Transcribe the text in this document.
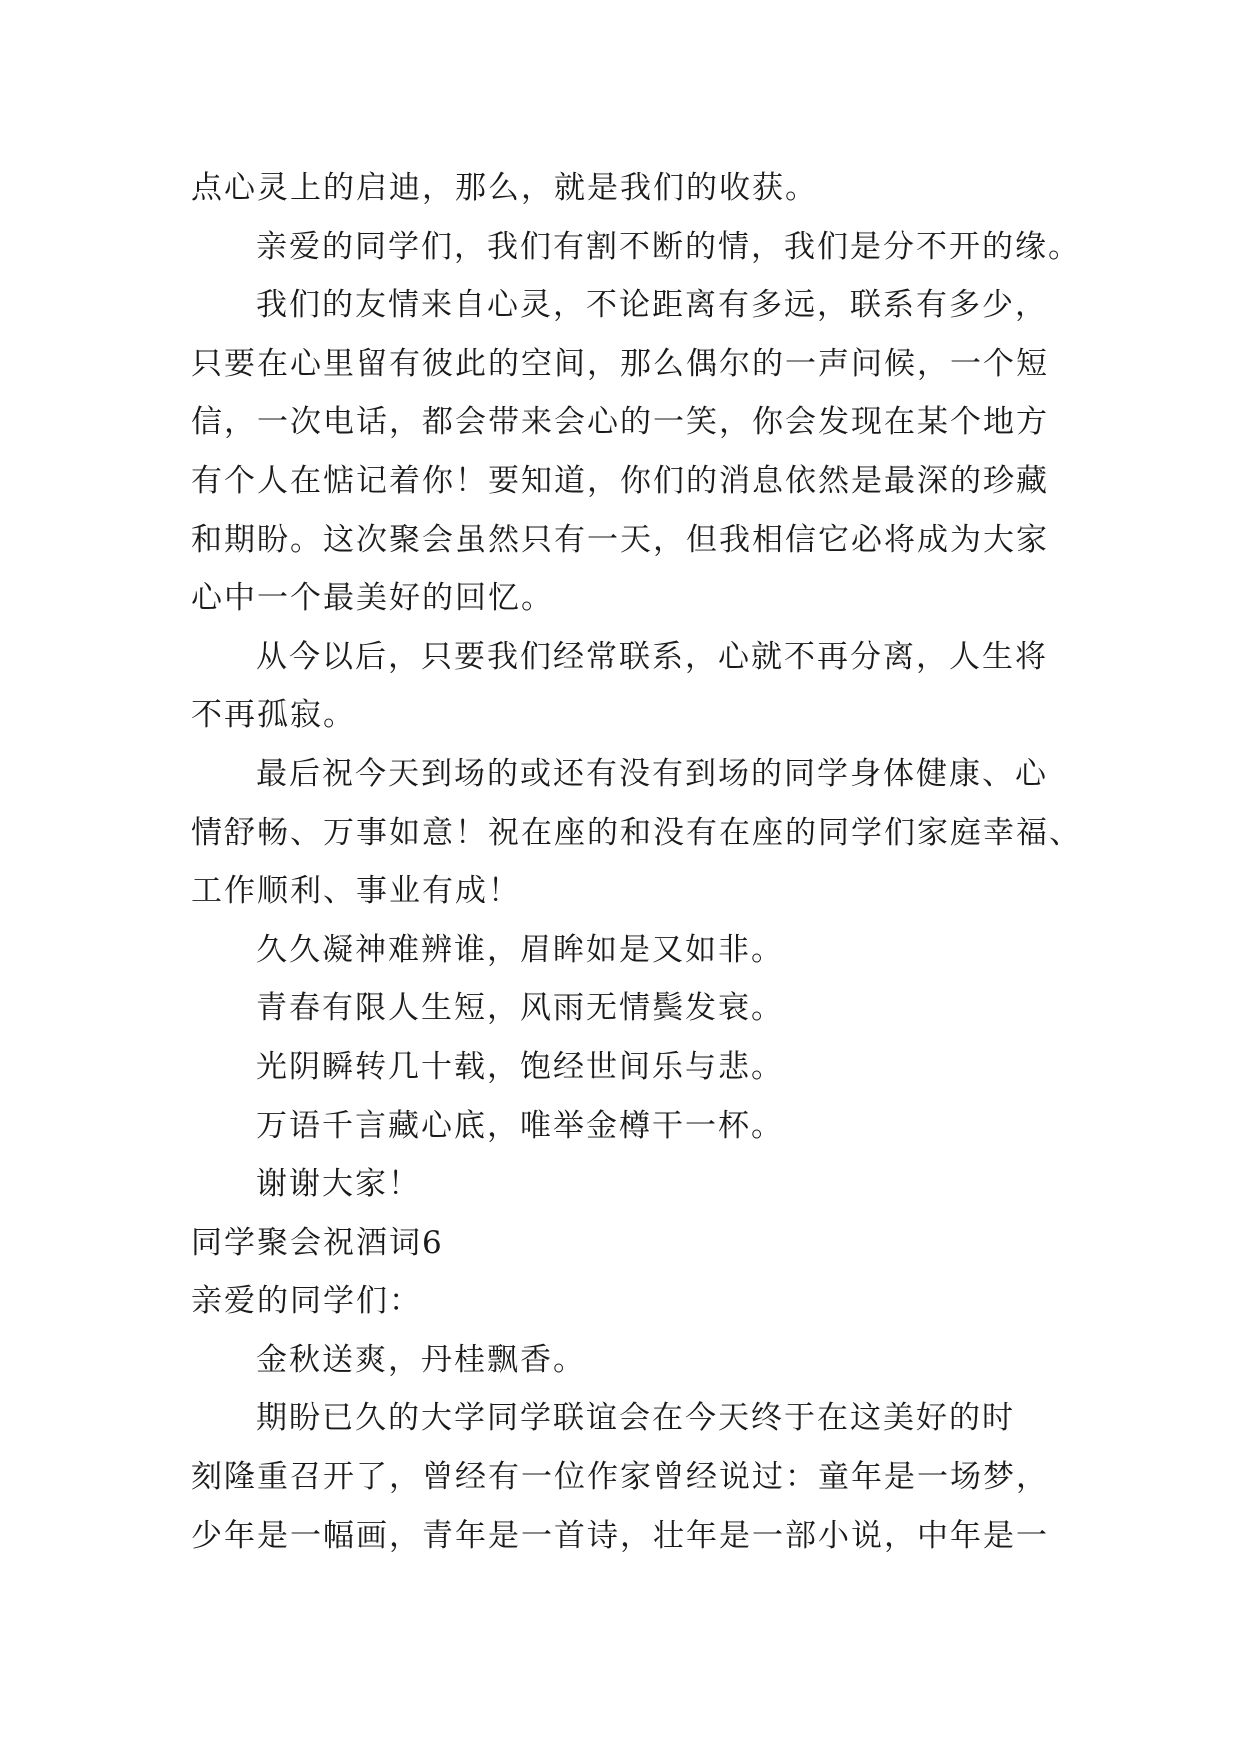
点心灵上的启迪，那么，就是我们的收获。
亲爱的同学们，我们有割不断的情，我们是分不开的缘。
我们的友情来自心灵，不论距离有多远，联系有多少，
只要在心里留有彼此的空间，那么偶尔的一声问候，一个短
信，一次电话，都会带来会心的一笑，你会发现在某个地方
有个人在惦记着你！要知道，你们的消息依然是最深的珍藏
和期盼。这次聚会虽然只有一天，但我相信它必将成为大家
心中一个最美好的回忆。
从今以后，只要我们经常联系，心就不再分离，人生将
不再孤寂。
最后祝今天到场的或还有没有到场的同学身体健康、心
情舒畅、万事如意！祝在座的和没有在座的同学们家庭幸福、
工作顺利、事业有成！
久久凝神难辨谁，眉眸如是又如非。
青春有限人生短，风雨无情鬓发衰。
光阴瞬转几十载，饱经世间乐与悲。
万语千言藏心底，唯举金樽干一杯。
谢谢大家！
同学聚会祝酒词6
亲爱的同学们：
金秋送爽，丹桂飘香。
期盼已久的大学同学联谊会在今天终于在这美好的时
刻隆重召开了，曾经有一位作家曾经说过：童年是一场梦，
少年是一幅画，青年是一首诗，壮年是一部小说，中年是一
